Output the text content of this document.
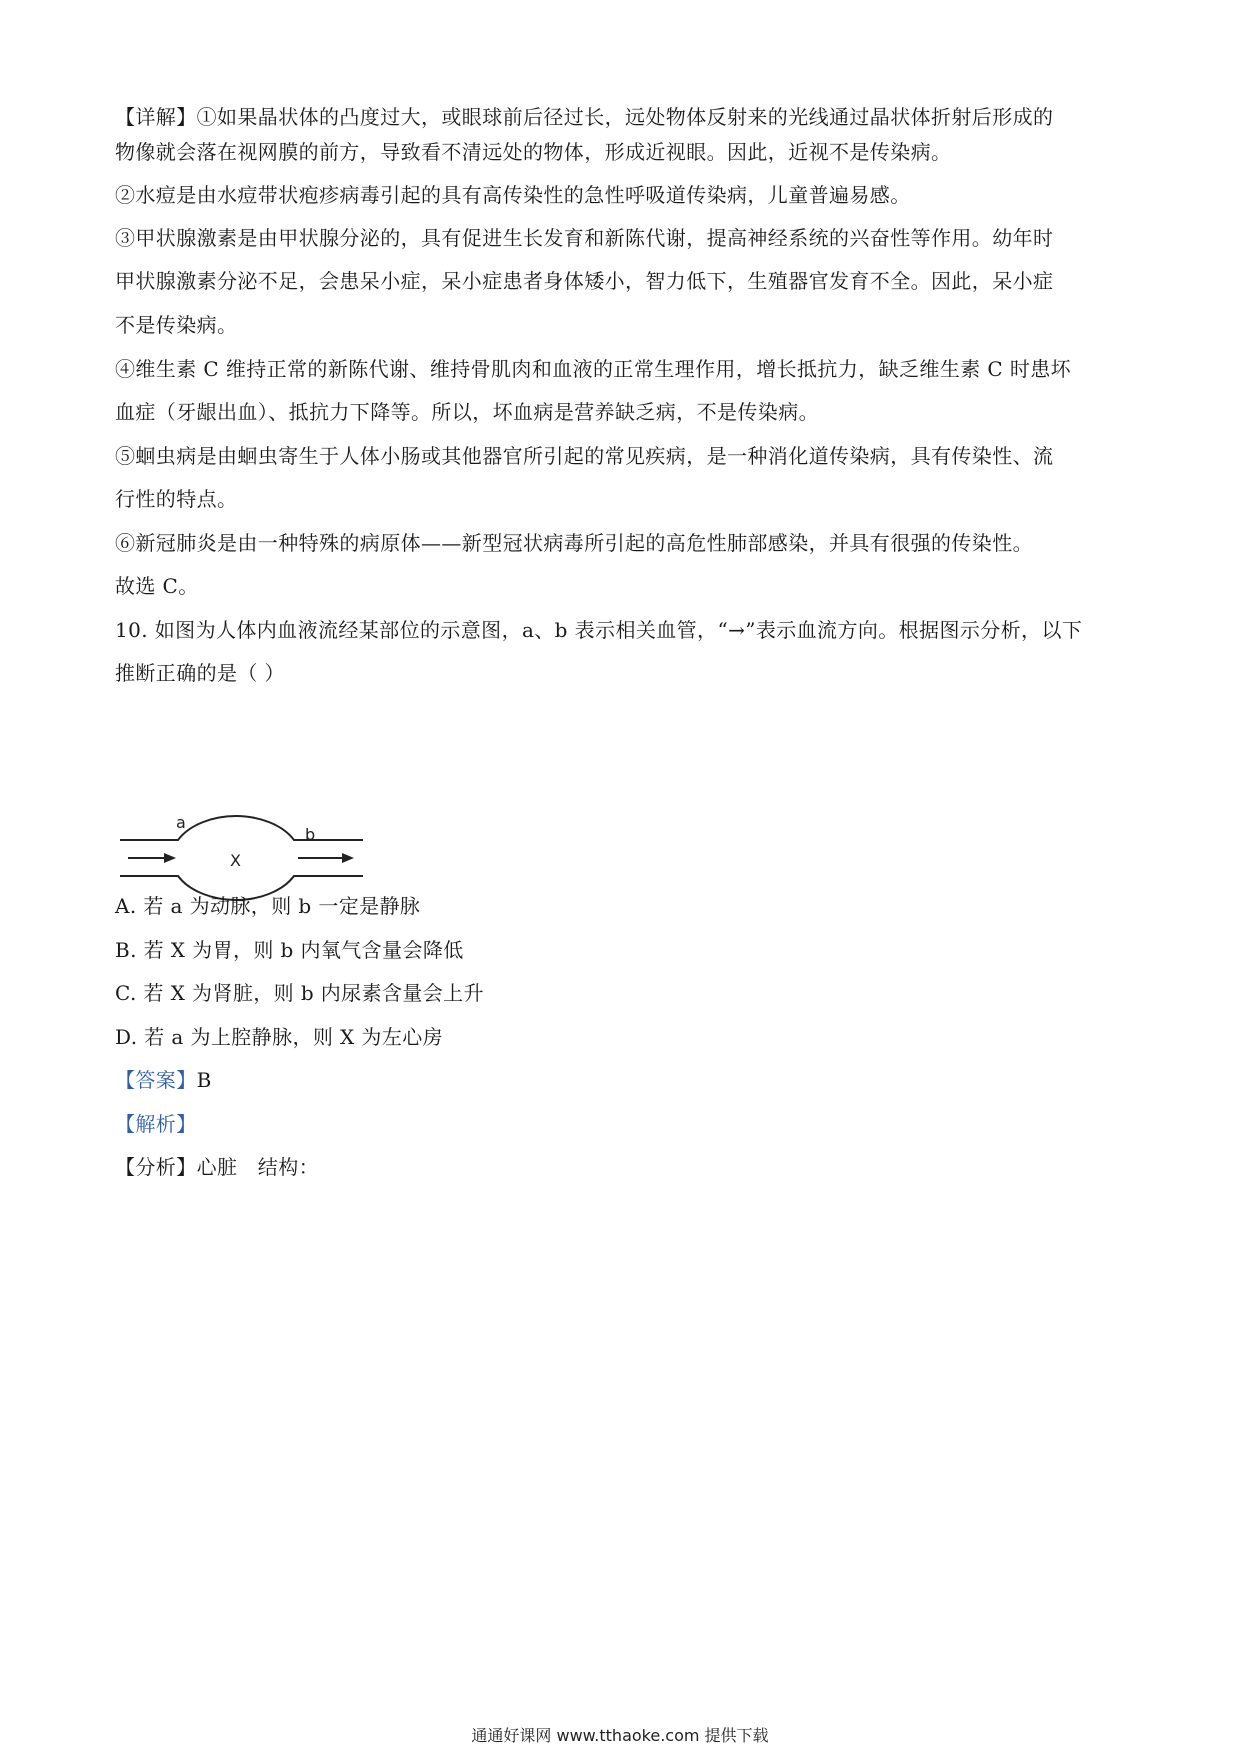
【详解】①如果晶状体的凸度过大，或眼球前后径过长，远处物体反射来的光线通过晶状体折射后形成的
物像就会落在视网膜的前方，导致看不清远处的物体，形成近视眼。因此，近视不是传染病。
②水痘是由水痘带状疱疹病毒引起的具有高传染性的急性呼吸道传染病，儿童普遍易感。
③甲状腺激素是由甲状腺分泌的，具有促进生长发育和新陈代谢，提高神经系统的兴奋性等作用。幼年时
甲状腺激素分泌不足，会患呆小症，呆小症患者身体矮小，智力低下，生殖器官发育不全。因此，呆小症
不是传染病。
④维生素 C 维持正常的新陈代谢、维持骨肌肉和血液的正常生理作用，增长抵抗力，缺乏维生素 C 时患坏
血症（牙龈出血）、抵抗力下降等。所以，坏血病是营养缺乏病，不是传染病。
⑤蛔虫病是由蛔虫寄生于人体小肠或其他器官所引起的常见疾病，是一种消化道传染病，具有传染性、流
行性的特点。
⑥新冠肺炎是由一种特殊的病原体——新型冠状病毒所引起的高危性肺部感染，并具有很强的传染性。
故选 C。
10. 如图为人体内血液流经某部位的示意图，a、b 表示相关血管，“→”表示血流方向。根据图示分析，以下
推断正确的是（ ）
a
b
X
A. 若 a 为动脉，则 b 一定是静脉
B. 若 X 为胃，则 b 内氧气含量会降低
C. 若 X 为肾脏，则 b 内尿素含量会上升
D. 若 a 为上腔静脉，则 X 为左心房
【答案】B
【解析】
【分析】心脏　结构：
通通好课网 www.tthaoke.com 提供下载
